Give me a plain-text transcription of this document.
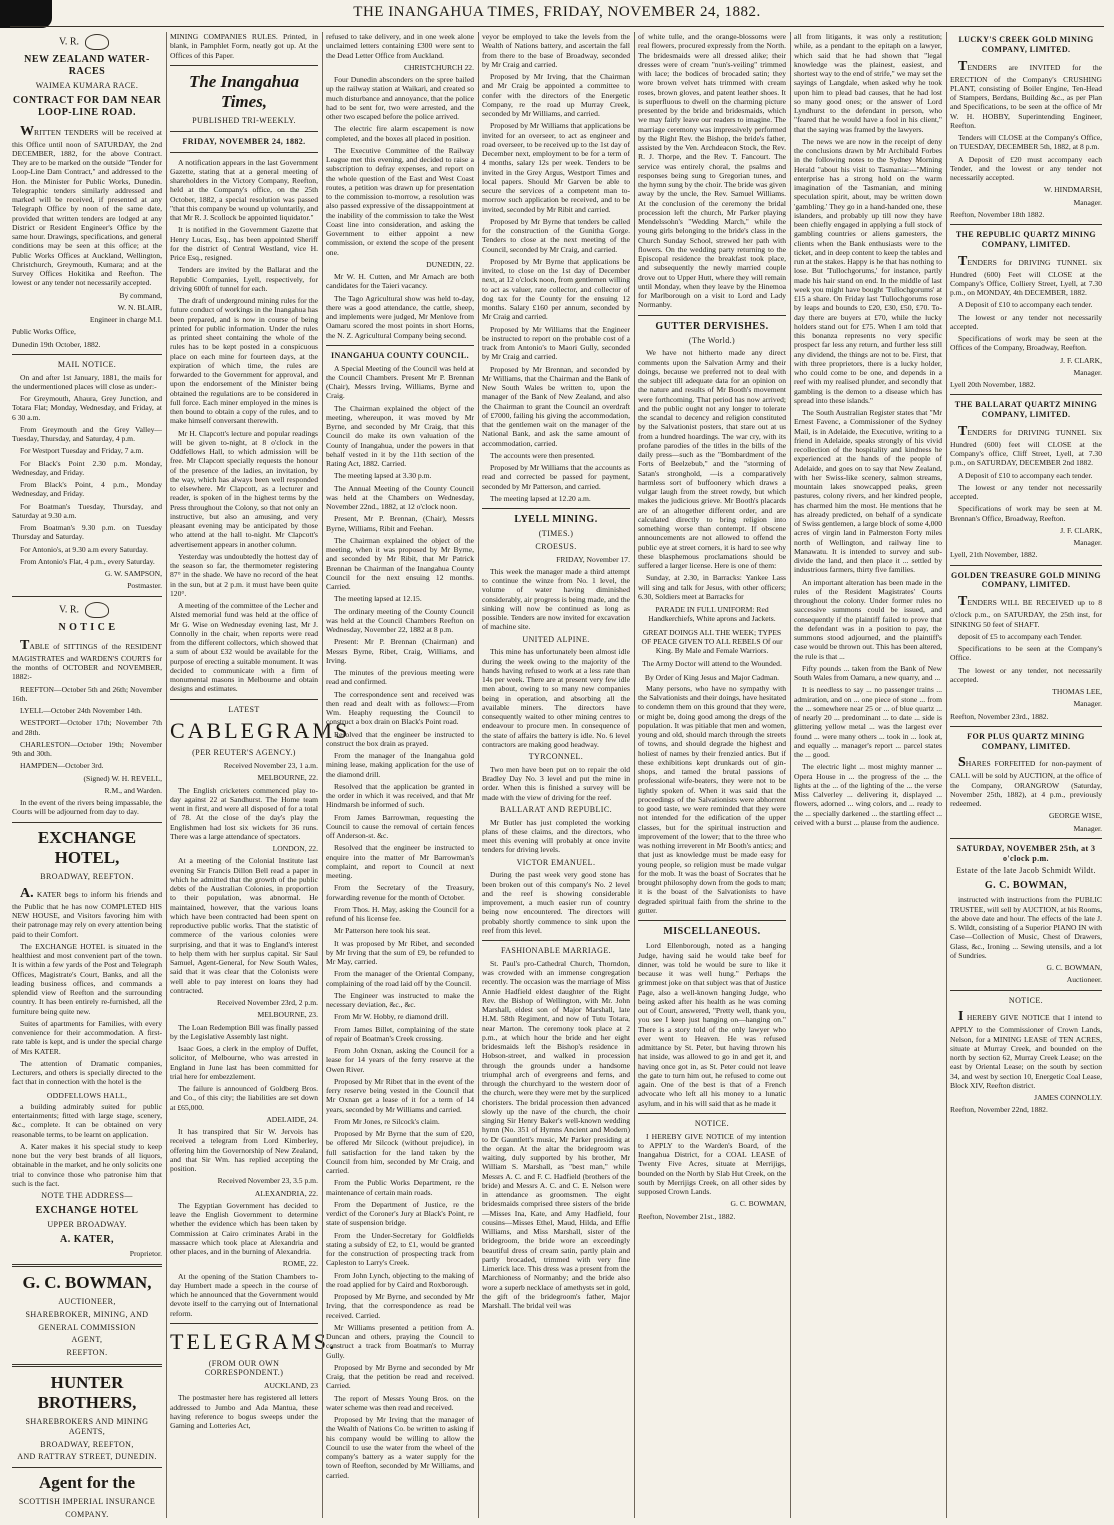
THE INANGAHUA TIMES, FRIDAY, NOVEMBER 24, 1882.
V. R.
NEW ZEALAND WATER-RACES
WAIMEA KUMARA RACE.
CONTRACT FOR DAM NEAR LOOP-LINE ROAD.

WRITTEN TENDERS will be received at this Office until noon of SATURDAY, the 2nd DECEMBER, 1882, for the above Contract. They are to be marked on the outside "Tender for Loop-Line Dam Contract," and addressed to the Hon. the Minister for Public Works, Dunedin. Telegraphic tenders similarly addressed and marked will be received, if presented at any Telegraph Office by noon of the same date, provided that written tenders are lodged at any District or Resident Engineer's Office by the same hour. Drawings, specifications, and general conditions may be seen at this office; at the Public Works Offices at Auckland, Wellington, Christchurch, Greymouth, Kumara; and at the Survey Offices Hokitika and Reefton. The lowest or any tender not necessarily accepted.

By command,

W. N. BLAIR,

Engineer in charge M.I.

Public Works Office,

Dunedin 19th October, 1882.

MAIL NOTICE.

On and after 1st January, 1881, the mails for the undermentioned places will close as under:-

For Greymouth, Ahaura, Grey Junction, and Totara Flat; Monday, Wednesday, and Friday, at 6 30 a.m.

From Greymouth and the Grey Valley—Tuesday, Thursday, and Saturday, 4 p.m.

For Westport Tuesday and Friday, 7 a.m.

For Black's Point 2.30 p.m. Monday, Wednesday, and Friday.

From Black's Point, 4 p.m., Monday Wednesday, and Friday.

For Boatman's Tuesday, Thursday, and Saturday at 9.30 a.m.

From Boatman's 9.30 p.m. on Tuesday Thursday and Saturday.

For Antonio's, at 9.30 a.m every Saturday.

From Antonio's Flat, 4 p.m., every Saturday.

G. W. SAMPSON,

Postmaster.

V. R.
N O T I C E

TABLE of SITTINGS of the RESIDENT MAGISTRATES and WARDEN'S COURTS for the months of OCTOBER and NOVEMBER, 1882:-

REEFTON—October 5th and 26th; November 16th.

LYELL—October 24th November 14th.

WESTPORT—October 17th; November 7th and 28th.

CHARLESTON—October 19th; November 9th and 30th.

HAMPDEN—October 3rd.

(Signed) W. H. REVELL,

R.M., and Warden.

In the event of the rivers being impassable, the Courts will be adjourned from day to day.

EXCHANGE HOTEL,
BROADWAY, REEFTON.

A. KATER begs to inform his friends and the Public that he has now COMPLETED HIS NEW HOUSE, and Visitors favoring him with their patronage may rely on every attention being paid to their Comfort.

The EXCHANGE HOTEL is situated in the healthiest and most convenient part of the town. It is within a few yards of the Post and Telegraph Offices, Magistrate's Court, Banks, and all the leading business offices, and commands a splendid view of Reefton and the surrounding country. It has been entirely re-furnished, all the furniture being quite new.

Suites of apartments for Families, with every convenience for their accommodation. A first-rate table is kept, and is under the special charge of Mrs KATER.

The attention of Dramatic companies, Lecturers, and others is specially directed to the fact that in connection with the hotel is the

ODDFELLOWS HALL,

a building admirably suited for public entertainments; fitted with large stage, scenery, &c., complete. It can be obtained on very reasonable terms, to be learnt on application.

A. Kater makes it his special study to keep none but the very best brands of all liquors, obtainable in the market, and he only solicits one trial to convince those who patronise him that such is the fact.

NOTE THE ADDRESS—
EXCHANGE HOTEL
UPPER BROADWAY.
A. KATER,

Proprietor.

G. C. BOWMAN,
AUCTIONEER,
SHAREBROKER, MINING, AND
GENERAL COMMISSION
AGENT,
REEFTON.
HUNTER BROTHERS,
SHAREBROKERS AND MINING AGENTS,
BROADWAY, REEFTON,
AND RATTRAY STREET, DUNEDIN.
Agent for the
SCOTTISH IMPERIAL INSURANCE
COMPANY.

MINING COMPANIES RULES. Printed, in blank, in Pamphlet Form, neatly got up. At the Offices of this Paper.

The Inangahua Times,
PUBLISHED TRI-WEEKLY.
FRIDAY, NOVEMBER 24, 1882.

A notification appears in the last Government Gazette, stating that at a general meeting of shareholders in the Victory Company, Reefton, held at the Company's office, on the 25th October, 1882, a special resolution was passed "that this company be wound up voluntarily, and that Mr R. J. Scollock be appointed liquidator."

It is notified in the Government Gazette that Henry Lucas, Esq., has been appointed Sheriff for the district of Central Westland, vice H. Price Esq., resigned.

Tenders are invited by the Ballarat and the Republic Companies, Lyell, respectively, for driving 600ft of tunnel for each.

The draft of underground mining rules for the future conduct of workings in the Inangahua has been prepared, and is now in course of being printed for public information. Under the rules as printed sheet containing the whole of the rules has to be kept posted in a conspicuous place on each mine for fourteen days, at the expiration of which time, the rules are forwarded to the Government for approval, and upon the endorsement of the Minister being obtained the regulations are to be considered in full force. Each miner employed in the mines is then bound to obtain a copy of the rules, and to make himself conversant therewith.

Mr H. Clapcott's lecture and popular readings will be given to-night, at 8 o'clock in the Oddfellows Hall, to which admission will be free. Mr Clapcott specially requests the honour of the presence of the ladies, an invitation, by the way, which has always been well responded to elsewhere. Mr Clapcott, as a lecturer and reader, is spoken of in the highest terms by the Press throughout the Colony, so that not only an instructive, but also an amusing, and very pleasant evening may be anticipated by those who attend at the hall to-night. Mr Clapcott's advertisement appears in another column.

Yesterday was undoubtedly the hottest day of the season so far, the thermometer registering 87° in the shade. We have no record of the heat in the sun, but at 2 p.m. it must have been quite 120°.

A meeting of the committee of the Lecher and Alsted memorial fund was held at the office of Mr G. Wise on Wednesday evening last, Mr J. Connolly in the chair, when reports were read from the different collectors, which showed that a sum of about £32 would be available for the purpose of erecting a suitable monument. It was decided to communicate with a firm of monumental masons in Melbourne and obtain designs and estimates.

LATEST
CABLEGRAMS
(PER REUTER'S AGENCY.)

Received November 23, 1 a.m.

MELBOURNE, 22.

The English cricketers commenced play to-day against 22 at Sandhurst. The Home team went in first, and were all disposed of for a total of 78. At the close of the day's play the Englishmen had lost six wickets for 36 runs. There was a large attendance of spectators.

LONDON, 22.

At a meeting of the Colonial Institute last evening Sir Francis Dillon Bell read a paper in which he admitted that the growth of the public debts of the Australian Colonies, in proportion to their population, was abnormal. He maintained, however, that the various loans which have been contracted had been spent on reproductive public works. That the statistic of commerce of the various colonies were surprising, and that it was to England's interest to help them with her surplus capital. Sir Saul Samuel, Agent-General, for New South Wales, said that it was clear that the Colonists were well able to pay interest on loans they had contracted.

Received November 23rd, 2 p.m.

MELBOURNE, 23.

The Loan Redemption Bill was finally passed by the Legislative Assembly last night.

Isaac Goes, a clerk in the employ of Duffet, solicitor, of Melbourne, who was arrested in England in June last has been committed for trial here for embezzlement.

The failure is announced of Goldberg Bros. and Co., of this city; the liabilities are set down at £65,000.

ADELAIDE, 24.

It has transpired that Sir W. Jervois has received a telegram from Lord Kimberley, offering him the Governorship of New Zealand, and that Sir Wm. has replied accepting the position.

Received November 23, 3.5 p.m.

ALEXANDRIA, 22.

The Egyptian Government has decided to leave the English Government to determine whether the evidence which has been taken by Commission at Cairo criminates Arabi in the massacre which took place at Alexandria and other places, and in the burning of Alexandria.

ROME, 22.

At the opening of the Station Chambers to-day Humbert made a speech in the course of which he announced that the Government would devote itself to the carrying out of International reform.

TELEGRAMS.
(FROM OUR OWN CORRESPONDENT.)

AUCKLAND, 23

The postmaster here has registered all letters addressed to Jumbo and Ada Mantua, these having reference to bogus sweeps under the Gaming and Lotteries Act,

refused to take delivery, and in one week alone unclaimed letters containing £300 were sent to the Dead Letter Office from Auckland.

CHRISTCHURCH 22.

Four Dunedin absconders on the spree bailed up the railway station at Waikari, and created so much disturbance and annoyance, that the police had to be sent for, two were arrested, and the other two escaped before the police arrived.

The electric fire alarm escapement is now completed, and the boxes all placed in position.

The Executive Committee of the Railway League met this evening, and decided to raise a subscription to defray expenses, and report on the whole question of the East and West Coast routes, a petition was drawn up for presentation to the commission to-morrow, a resolution was also passed expressive of the dissappointment at the inability of the commission to take the West Coast line into consideration, and asking the Government to either appoint a new commission, or extend the scope of the present one.

DUNEDIN, 22.

Mr W. H. Cutten, and Mr Arnach are both candidates for the Taieri vacancy.

The Tago Agricultural show was held to-day, there was a good attendance, the cattle, sheep, and implements were judged, Mr Menlove from Oamaru scored the most points in short Horns, the N. Z. Agricultural Company being second.

INANGAHUA COUNTY COUNCIL.

A Special Meeting of the Council was held at the Council Chambers. Present Mr P. Brennan (Chair), Messrs Irving, Williams, Byrne and Craig.

The Chairman explained the object of the meeting, whereupon, it was moved by Mr Byrne, and seconded by Mr Craig, that this Council do make its own valuation of the County of Inangahua, under the powers in that behalf vested in it by the 11th section of the Rating Act, 1882. Carried.

The meeting lapsed at 3.30 p.m.

The Annual Meeting of the County Council was held at the Chambers on Wednesday, November 22nd., 1882, at 12 o'clock noon.

Present, Mr P. Brennan, (Chair), Messrs Byrne, Williams, Ribit and Feehan.

The Chairman explained the object of the meeting, when it was proposed by Mr Byrne, and seconded by Mr Ribit, that Mr Patrick Brennan be Chairman of the Inangahua County Council for the next ensuing 12 months. Carried.

The meeting lapsed at 12.15.

The ordinary meeting of the County Council was held at the Council Chambers Reefton on Wednesday, November 22, 1882 at 8 p.m.

Present: Mr P. Brennan (Chairman) and Messrs Byrne, Ribet, Craig, Williams, and Irving.

The minutes of the previous meeting were read and confirmed.

The correspondence sent and received was then read and dealt with as follows:—From Wm. Heaphy requesting the Council to construct a box drain on Black's Point road.

Resolved that the engineer be instructed to construct the box drain as prayed.

From the manager of the Inangahua gold mining lease, making application for the use of the diamond drill.

Resolved that the application be granted in the order in which it was received, and that Mr Hindmarsh be informed of such.

From James Barrowman, requesting the Council to cause the removal of certain fences off Anderson-st. &c.

Resolved that the engineer be instructed to enquire into the matter of Mr Barrowman's complaint, and report to Council at next meeting.

From the Secretary of the Treasury, forwarding revenue for the month of October.

From Thos. H. May, asking the Council for a refund of his license fee.

Mr Patterson here took his seat.

It was proposed by Mr Ribet, and seconded by Mr Irving that the sum of £9, be refunded to Mr May, carried.

From the manager of the Oriental Company, complaining of the road laid off by the Council.

The Engineer was instructed to make the necessary deviation, &c., &c.

From Mr W. Hobby, re diamond drill.

From James Billet, complaining of the state of repair of Boatman's Creek crossing.

From John Oxnan, asking the Council for a lease for 14 years of the ferry reserve at the Owen River.

Proposed by Mr Ribet that in the event of the ferry reserve being vested in the Council that Mr Oxnan get a lease of it for a term of 14 years, seconded by Mr Williams and carried.

From Mr Jones, re Silcock's claim.

Proposed by Mr Byrne that the sum of £20, be offered Mr Silcock (without prejudice), in full satisfaction for the land taken by the Council from him, seconded by Mr Craig, and carried.

From the Public Works Department, re the maintenance of certain main roads.

From the Department of Justice, re the verdict of the Coroner's Jury at Black's Point, re state of suspension bridge.

From the Under-Secretary for Goldfields stating a subsidy of £2, to £1, would be granted for the construction of prospecting track from Capleston to Larry's Creek.

From John Lynch, objecting to the making of the road applied for by Caird and Roxborough.

Proposed by Mr Byrne, and seconded by Mr Irving, that the correspondence as read be received. Carried.

Mr Williams presented a petition from A. Duncan and others, praying the Council to construct a track from Boatman's to Murray Gully.

Proposed by Mr Byrne and seconded by Mr Craig, that the petition be read and received. Carried.

The report of Messrs Young Bros. on the water scheme was then read and received.

Proposed by Mr Irving that the manager of the Wealth of Nations Co. be written to asking if his company would be willing to allow the Council to use the water from the wheel of the company's battery as a water supply for the town of Reefton, seconded by Mr Williams, and carried.

veyor be employed to take the levels from the Wealth of Nations battery, and ascertain the fall from there to the base of Broadway, seconded by Mr Craig and carried.

Proposed by Mr Irving, that the Chairman and Mr Craig be appointed a committee to confer with the directors of the Energetic Company, re the road up Murray Creek, seconded by Mr Williams, and carried.

Proposed by Mr Williams that applications be invited for an overseer, to act as engineer and road overseer, to be received up to the 1st day of December next, employment to be for a term of 4 months, salary 12s per week. Tenders to be invited in the Grey Argus, Westport Times and local papers. Should Mr Garven be able to secure the services of a competent man to-morrow such application be received, and to be invited, seconded by Mr Ribit and carried.

Proposed by Mr Byrne that tenders be called for the construction of the Gunitha Gorge. Tenders to close at the next meeting of the Council, seconded by Mr Craig, and carried.

Proposed by Mr Byrne that applications be invited, to close on the 1st day of December next, at 12 o'clock noon, from gentlemen willing to act as valuer, rate collector, and collector of dog tax for the County for the ensuing 12 months. Salary £160 per annum, seconded by Mr Craig and carried.

Proposed by Mr Williams that the Engineer be instructed to report on the probable cost of a track from Antonio's to Maori Gully, seconded by Mr Craig and carried.

Proposed by Mr Brennan, and seconded by Mr Williams, that the Chairman and the Bank of New South Wales be written to, upon the manager of the Bank of New Zealand, and also the Chairman to grant the Council an overdraft of £7000, failing his giving the accommodation, that the gentlemen wait on the manager of the National Bank, and ask the same amount of accommodation, carried.

The accounts were then presented.

Proposed by Mr Williams that the accounts as read and corrected be passed for payment, seconded by Mr Patterson, and carried.

The meeting lapsed at 12.20 a.m.

LYELL MINING.
(TIMES.)
CROESUS.

FRIDAY, November 17.

This week the manager made a third attempt to continue the winze from No. 1 level, the volume of water having diminished considerably, air progress is being made, and the sinking will now be continued as long as possible. Tenders are now invited for excavation of machine site.

UNITED ALPINE.

This mine has unfortunately been almost idle during the week owing to the majority of the hands having refused to work at a less rate than 14s per week. There are at present very few idle men about, owing to so many new companies being in operation, and absorbing all the available miners. The directors have consequently waited to other mining centres to endeavour to procure men. In consequence of the state of affairs the battery is idle. No. 6 level contractors are making good headway.

TYRCONNEL.

Two men have been put on to repair the old Bradley Day No. 3 level and put the mine in order. When this is finished a survey will be made with the view of driving for the reef.

BALLARAT AND REPUBLIC.

Mr Butler has just completed the working plans of these claims, and the directors, who meet this evening will probably at once invite tenders for driving levels.

VICTOR EMANUEL.

During the past week very good stone has been broken out of this company's No. 2 level and the reef is showing considerable improvement, a much easier run of country being now encountered. The directors will probably shortly commence to sink upon the reef from this level.

FASHIONABLE MARRIAGE.

St. Paul's pro-Cathedral Church, Thorndon, was crowded with an immense congregation recently. The occasion was the marriage of Miss Annie Hadfield eldest daughter of the Right Rev. the Bishop of Wellington, with Mr. John Marshall, eldest son of Major Marshall, late H.M. 58th Regiment, and now of Tutu Totara, near Marton. The ceremony took place at 2 p.m., at which hour the bride and her eight bridesmaids left the Bishop's residence in Hobson-street, and walked in procession through the grounds under a handsome triumphal arch of evergreens and ferns, and through the churchyard to the western door of the church, were they were met by the surpliced choristers. The bridal procession then advanced slowly up the nave of the church, the choir singing Sir Henry Baker's well-known wedding hymn (No. 351 of Hymns Ancient and Modern) to Dr Gauntlett's music, Mr Parker presiding at the organ. At the altar the bridegroom was waiting, duly supported by his brother, Mr William S. Marshall, as "best man," while Messrs A. C. and F. C. Hadfield (brothers of the bride) and Messrs A. C. and C. E. Nelson were in attendance as groomsmen. The eight bridesmaids comprised three sisters of the bride—Misses Ina, Kate, and Amy Hadfield, four cousins—Misses Ethel, Maud, Hilda, and Effie Williams, and Miss Marshall, sister of the bridegroom, the bride wore an exceedingly beautiful dress of cream satin, partly plain and partly brocaded, trimmed with very fine Limerick lace. This dress was a present from the Marchioness of Normanby; and the bride also wore a superb necklace of amethysts set in gold, the gift of the bridegroom's father, Major Marshall. The bridal veil was

of white tulle, and the orange-blossoms were real flowers, procured expressly from the North. The bridesmaids were all dressed alike; their dresses were of cream "nun's-veiling" trimmed with lace; the bodices of brocaded satin; they wore brown velvet hats trimmed with cream roses, brown gloves, and patent leather shoes. It is superfluous to dwell on the charming picture presented by the bride and bridesmaids, which we may fairly leave our readers to imagine. The marriage ceremony was impressively performed by the Right Rev. the Bishop, the bride's father, assisted by the Ven. Archdeacon Stock, the Rev. R. J. Thorpe, and the Rev. T. Fancourt. The service was entirely choral, the psalms and responses being sung to Gregorian tunes, and the hymn sung by the choir. The bride was given away by the uncle, the Rev. Samuel Williams. At the conclusion of the ceremony the bridal procession left the church, Mr Parker playing Mendelssohn's "Wedding March," while the young girls belonging to the bride's class in the Church Sunday School, strewed her path with flowers. On the wedding party returning to the Episcopal residence the breakfast took place, and subsequently the newly married couple drove out to Upper Hutt, where they will remain until Monday, when they leave by the Hinemoa for Marlborough on a visit to Lord and Lady Normanby.

GUTTER DERVISHES.
(The World.)

We have not hitherto made any direct comments upon the Salvation Army and their doings, because we preferred not to deal with the subject till adequate data for an opinion on the nature and results of Mr Booth's movement were forthcoming. That period has now arrived; and the public ought not any longer to tolerate the scandal to decency and religion constituted by the Salvationist posters, that stare out at us from a hundred hoardings. The war cry, with its profane parodies of the titles in the bills of the daily press—such as the "Bombardment of the Forts of Beelzebub," and the "storming of Satan's stronghold, —is a comparatively harmless sort of buffoonery which draws a vulgar laugh from the street rowdy, but which makes the judicious grieve. Mr Booth's placards are of an altogether different order, and are calculated directly to bring religion into something worse than contempt. If obscene announcements are not allowed to offend the public eye at street corners, it is hard to see why these blasphemous proclamations should be suffered a larger license. Here is one of them:

Sunday, at 2.30, in Barracks: Yankee Lass will sing and talk for Jesus, with other officers; 6.30, Soldiers meet at Barracks for

PARADE IN FULL UNIFORM: Red Handkerchiefs, White aprons and Jackets.
GREAT DOINGS ALL THE WEEK; TYPES OF PEACE GIVEN TO ALL REBELS Of our King. By Male and Female Warriors.
The Army Doctor will attend to the Wounded.
By Order of King Jesus and Major Cadman.

Many persons, who have no sympathy with the Salvationists and their doings, have hesitated to condemn them on this ground that they were, or might be, doing good among the dregs of the population. It was pitiable that men and women, young and old, should march through the streets of towns, and should degrade the highest and holiest of names by their frenzied antics. But if these exhibitions kept drunkards out of gin-shops, and tamed the brutal passions of professional wife-beaters, they were not to be lightly spoken of. When it was said that the proceedings of the Salvationists were abhorrent to good taste, we were reminded that they were not intended for the edification of the upper classes, but for the spiritual instruction and improvement of the lower; that to the three who was nothing irreverent in Mr Booth's antics; and that just as knowledge must be made easy for young people, so religion must be made vulgar for the mob. It was the boast of Socrates that he brought philosophy down from the gods to man; it is the boast of the Salvationists to have degraded spiritual faith from the shrine to the gutter.

MISCELLANEOUS.

Lord Ellenborough, noted as a hanging Judge, having said he would take beef for dinner, was told he would be sure to like it because it was well hung." Perhaps the grimmest joke on that subject was that of Justice Page, also a well-known hanging Judge, who being asked after his health as he was coming out of Court, answered, "Pretty well, thank you, you see I keep just hanging on—hanging on." There is a story told of the only lawyer who ever went to Heaven. He was refused admittance by St. Peter, but having thrown his hat inside, was allowed to go in and get it, and having once got in, as St. Peter could not leave the gate to turn him out, he refused to come out again. One of the best is that of a French advocate who left all his money to a lunatic asylum, and in his will said that as he made it

NOTICE.

I HEREBY GIVE NOTICE of my intention to APPLY to the Warden's Board, of the Inangahua District, for a COAL LEASE of Twenty Five Acres, situate at Merrijigs, bounded on the North by Slab Hut Creek, on the south by Merrijigs Creek, on all other sides by supposed Crown Lands.

G. C. BOWMAN,

Reefton, November 21st., 1882.

all from litigants, it was only a restitution; while, as a pendant to the epitaph on a lawyer, which said that he had shown that "legal knowledge was the plainest, easiest, and shortest way to the end of strife," we may set the sayings of Langdale, when asked why he took upon him to plead bad causes, that he had lost so many good ones; or the answer of Lord Lyndhurst to the defendant in person, who "feared that he would have a fool in his client," that the saying was framed by the lawyers.

The news we are now in the receipt of deny the conclusions drawn by Mr Archibald Forbes in the following notes to the Sydney Morning Herald "about his visit to Tasmania:—"Mining enterprise has a strong hold on the warm imagination of the Tasmanian, and mining speculation spirit, about, may be written down 'gambling.' They go in a hand-handed one, these islanders, and probably up till now they have been chiefly engaged in applying a full stock of gambling countries or aliens gamesters, the clients when the Bank enthusiasts were to the ticket, and in deep content to keep the tables and run at the stakes. Happy is he that has nothing to lose. But 'Tullochgorums,' for instance, partly made his hair stand on end. In the middle of last week you might have bought 'Tullochgorums' at £15 a share. On Friday last 'Tullochgorums rose by leaps and bounds to £20, £30, £50, £70. To-day there are buyers at £70, while the lucky holders stand out for £75. When I am told that this bonanza represents no very specific prospect far less any return, and further less still any dividend, the things are not to be. First, that with three proprietors, there is a lucky holder, who could come to be one, and depends in a reef with my realised plunder, and secondly that gambling is the demon to a disease which has spread into these islands."

The South Australian Register states that "Mr Ernest Favenc, a Commissioner of the Sydney Mail, is in Adelaide, the Executive, writing to a friend in Adelaide, speaks strongly of his vivid recollection of the hospitality and kindness he experienced at the hands of the people of Adelaide, and goes on to say that New Zealand, with her Swiss-like scenery, salmon streams, mountain lakes snowcapped peaks, green pastures, colony rivers, and her kindred people, has charmed him the most. He mentions that he has already predicted, on behalf of a syndicate of Swiss gentlemen, a large block of some 4,000 acres of virgin land in Palmerston Forty miles north of Wellington, and railway line to Manawatu. It is intended to survey and sub-divide the land, and then place it ... settled by industrious farmers, thirty five families.

An important alteration has been made in the rules of the Resident Magistrates' Courts throughout the colony. Under former rules no successive summons could be issued, and consequently if the plaintiff failed to prove that the defendant was in a position to pay, the summons stood adjourned, and the plaintiff's case would be thrown out. This has been altered, the rule is that ...

Fifty pounds ... taken from the Bank of New South Wales from Oamaru, a new quarry, and ...

It is needless to say ... no passenger trains ... admiration, and on ... one piece of stone ... from the ... somewhere near 25 or ... of blue quartz ... of nearly 20 ... predominant ... to date ... side is glittering yellow metal ... was the largest ever found ... were many others ... took in ... look at, and equally ... manager's report ... parcel states the ... good.

The electric light ... most mighty manner ... Opera House in ... the progress of the ... the lights at the ... of the lighting of the ... the verse Miss Calverley ... delivering it, displayed ... flowers, adorned ... wing colors, and ... ready to the ... specially darkened ... the startling effect ... ceived with a burst ... plause from the audience.

LUCKY'S CREEK GOLD MINING COMPANY, LIMITED.

TENDERS are INVITED for the ERECTION of the Company's CRUSHING PLANT, consisting of Boiler Engine, Ten-Head of Stampers, Berdans, Building &c., as per Plan and Specifications, to be seen at the office of Mr W. H. HOBBY, Superintending Engineer, Reefton.

Tenders will CLOSE at the Company's Office, on TUESDAY, DECEMBER 5th, 1882, at 8 p.m.

A Deposit of £20 must accompany each Tender, and the lowest or any tender not necessarily accepted.

W. HINDMARSH,

Manager.

Reefton, November 18th 1882.

THE REPUBLIC QUARTZ MINING COMPANY, LIMITED.

TENDERS for DRIVING TUNNEL six Hundred (600) Feet will CLOSE at the Company's Office, Colliery Street, Lyell, at 7.30 p.m., on MONDAY, 4th DECEMBER, 1882.

A Deposit of £10 to accompany each tender.

The lowest or any tender not necessarily accepted.

Specifications of work may be seen at the Offices of the Company, Broadway, Reefton.

J. F. CLARK,

Manager.

Lyell 20th November, 1882.

THE BALLARAT QUARTZ MINING COMPANY, LIMITED.

TENDERS for DRIVING TUNNEL Six Hundred (600) feet will CLOSE at the Company's office, Cliff Street, Lyell, at 7.30 p.m., on SATURDAY, DECEMBER 2nd 1882.

A Deposit of £10 to accompany each tender.

The lowest or any tender not necessarily accepted.

Specifications of work may be seen at M. Brennan's Office, Broadway, Reefton.

J. F. CLARK,

Manager.

Lyell, 21th November, 1882.

GOLDEN TREASURE GOLD MINING COMPANY, LIMITED.

TENDERS WILL BE RECEIVED up to 8 o'clock p.m., on SATURDAY, the 25th inst, for SINKING 50 feet of SHAFT.

deposit of £5 to accompany each Tender.

Specifications to be seen at the Company's Office.

The lowest or any tender, not necessarily accepted.

THOMAS LEE,

Manager.

Reefton, November 23rd., 1882.

FOR PLUS QUARTZ MINING COMPANY, LIMITED.

SHARES FORFEITED for non-payment of CALL will be sold by AUCTION, at the office of the Company, ORANGROW (Saturday, November 25th, 1882), at 4 p.m., previously redeemed.

GEORGE WISE,

Manager.

SATURDAY, NOVEMBER 25th, at 3 o'clock p.m.
Estate of the late Jacob Schmidt Wildt.
G. C. BOWMAN,

instructed with instructions from the PUBLIC TRUSTEE, will sell by AUCTION, at his Rooms, the above date and hour. The effects of the late J. S. Wildt, consisting of a Superior PIANO IN with Case—Collection of Music, Chest of Drawers, Glass, &c., Ironing ... Sewing utensils, and a lot of Sundries.

G. C. BOWMAN,

Auctioneer.

NOTICE.

I HEREBY GIVE NOTICE that I intend to APPLY to the Commissioner of Crown Lands, Nelson, for a MINING LEASE of TEN ACRES, situate at Murray Creek, and bounded on the north by section 62, Murray Creek Lease; on the east by Oriental Lease; on the south by section 34, and west by section 10, Energetic Coal Lease, Block XIV, Reefton district.

JAMES CONNOLLY.

Reefton, November 22nd, 1882.
